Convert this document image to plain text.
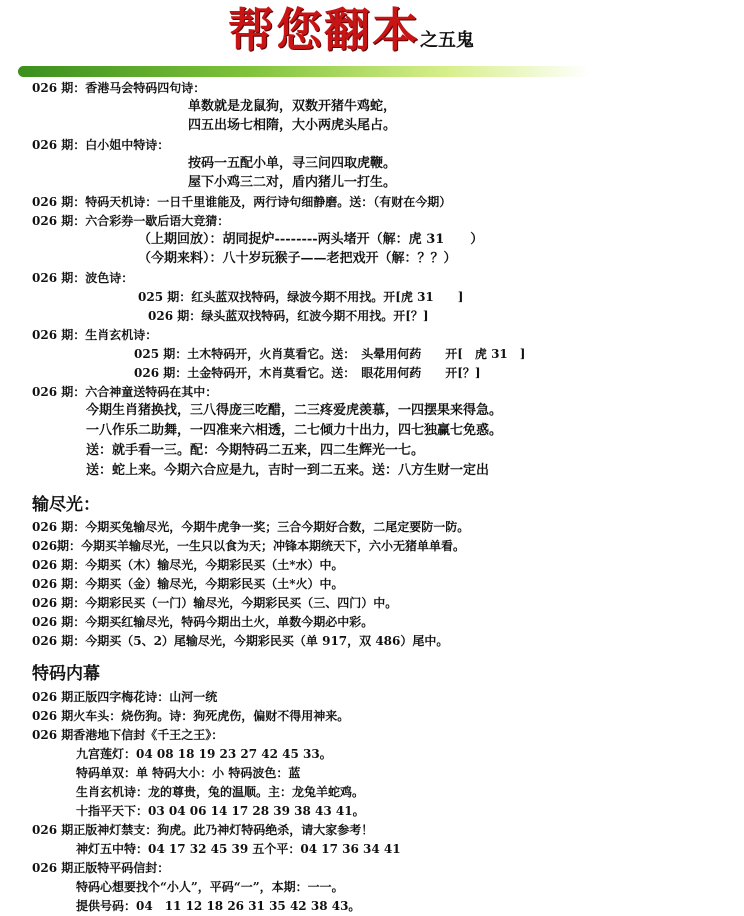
帮您翻本 之五鬼
026 期：香港马会特码四句诗：
单数就是龙鼠狗，双数开猪牛鸡蛇，
四五出场七相隋，大小两虎头尾占。
026 期：白小姐中特诗：
按码一五配小单，寻三问四取虎鞭。
屋下小鸡三二对，盾内猪儿一打生。
026 期：特码天机诗：一日千里谁能及，两行诗句细静磨。送：（有财在今期）
026 期：六合彩券一歇后语大竞猜：
（上期回放）：胡同捉炉--------两头堵开（解：虎 31　　）
（今期来料）：八十岁玩猴子——老把戏开（解：？？）
026 期：波色诗：
025 期：红头蓝双找特码，绿波今期不用找。开[虎 31　　]
026 期：绿头蓝双找特码，红波今期不用找。开[？]
026 期：生肖玄机诗：
025 期：土木特码开，火肖莫看它。送：　头晕用何药　　开[　虎 31　]
026 期：土金特码开，木肖莫看它。送：　眼花用何药　　开[？]
026 期：六合神童送特码在其中：
今期生肖猪换找，三八得庞三吃醋，二三疼爱虎羡慕，一四摆果来得急。
一八作乐二助舞，一四准来六相透，二七倾力十出力，四七独赢七免惑。
送：就手看一三。配：今期特码二五来，四二生辉光一七。
送：蛇上来。今期六合应是九，吉时一到二五来。送：八方生财一定出
输尽光：
026 期：今期买兔输尽光，今期牛虎争一奖；三合今期好合数，二尾定要防一防。
026期：今期买羊输尽光，一生只以食为天；冲锋本期统天下，六小无猪单单看。
026 期：今期买（木）输尽光，今期彩民买（土*水）中。
026 期：今期买（金）输尽光，今期彩民买（土*火）中。
026 期：今期彩民买（一门）输尽光，今期彩民买（三、四门）中。
026 期：今期买红输尽光，特码今期出土火，单数今期必中彩。
026 期：今期买（5、2）尾输尽光，今期彩民买（单 917，双 486）尾中。
特码内幕
026 期正版四字梅花诗：山河一统
026 期火车头：烧伤狗。诗：狗死虎伤，偏财不得用神来。
026 期香港地下信封《千王之王》：
九宫莲灯：04 08 18 19 23 27 42 45 33。
特码单双：单 特码大小：小 特码波色：蓝
生肖玄机诗：龙的尊贵，兔的温顺。主：龙兔羊蛇鸡。
十指平天下：03 04 06 14 17 28 39 38 43 41。
026 期正版神灯禁支：狗虎。此乃神灯特码绝杀，请大家参考！
神灯五中特：04 17 32 45 39 五个平：04 17 36 34 41
026 期正版特平码信封：
特码心想要找个“小人”，平码“一”，本期：一一。
提供号码：04　11 12 18 26 31 35 42 38 43。
